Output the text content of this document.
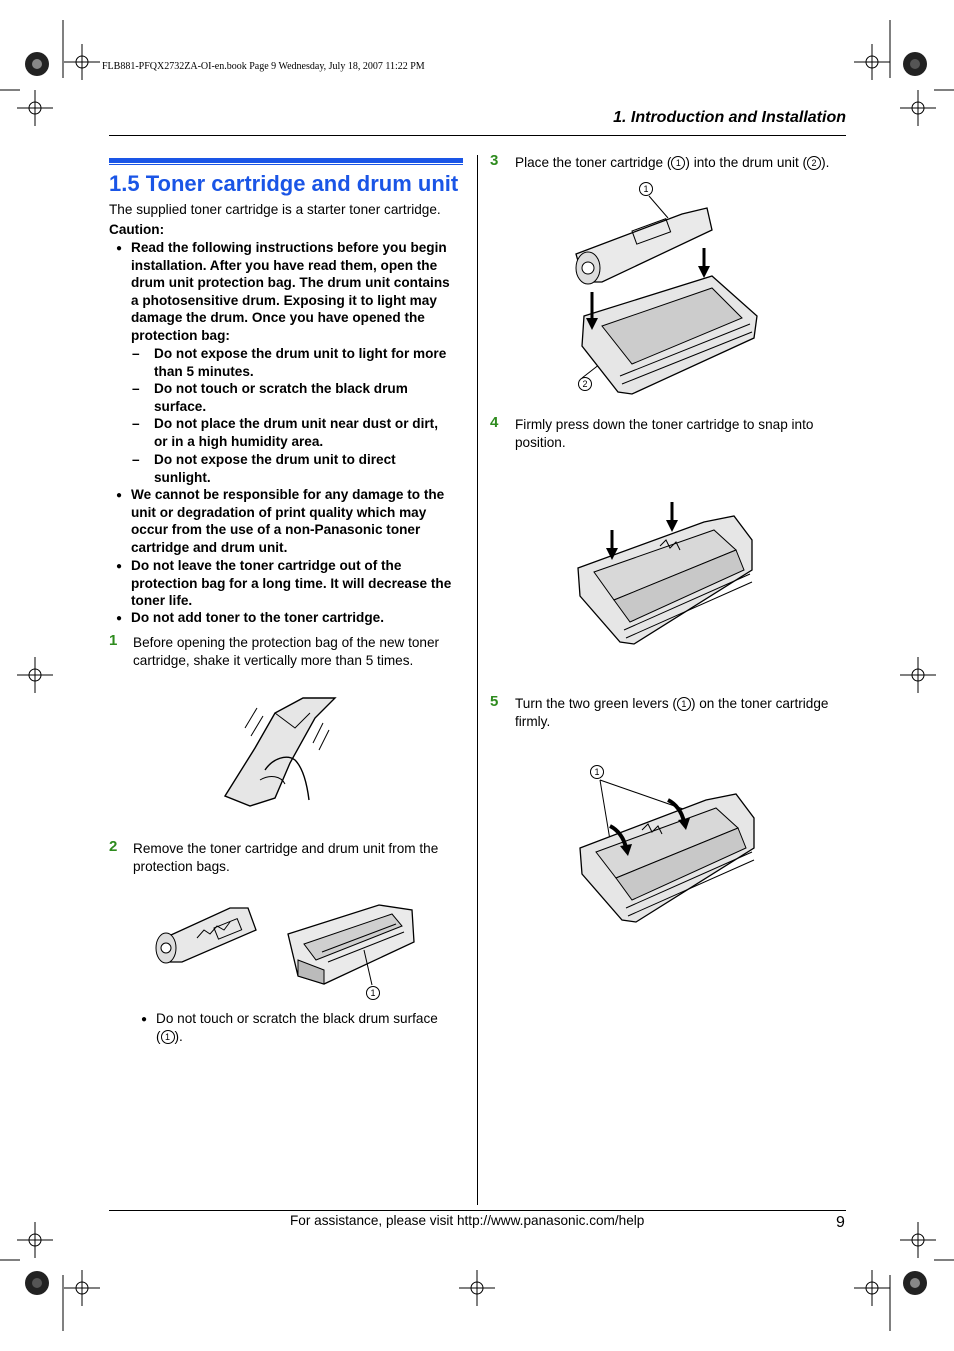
FLB881-PFQX2732ZA-OI-en.book Page 9 Wednesday, July 18, 2007 11:22 PM
1. Introduction and Installation
1.5 Toner cartridge and drum unit
The supplied toner cartridge is a starter toner cartridge.
Caution:
● Read the following instructions before you begin
installation. After you have read them, open the
drum unit protection bag. The drum unit contains
a photosensitive drum. Exposing it to light may
damage the drum. Once you have opened the
protection bag:
– Do not expose the drum unit to light for more
than 5 minutes.
– Do not touch or scratch the black drum
surface.
– Do not place the drum unit near dust or dirt,
or in a high humidity area.
– Do not expose the drum unit to direct
sunlight.
● We cannot be responsible for any damage to the
unit or degradation of print quality which may
occur from the use of a non-Panasonic toner
cartridge and drum unit.
● Do not leave the toner cartridge out of the
protection bag for a long time. It will decrease the
toner life.
● Do not add toner to the toner cartridge.
1 Before opening the protection bag of the new toner
cartridge, shake it vertically more than 5 times.
2 Remove the toner cartridge and drum unit from the
protection bags.
1
● Do not touch or scratch the black drum surface
( 1 ).
3 Place the toner cartridge ( 1 ) into the drum unit ( 2 ).
1
2
4 Firmly press down the toner cartridge to snap into
position.
5 Turn the two green levers ( 1 ) on the toner cartridge
firmly.
1
For assistance, please visit http://www.panasonic.com/help	9
